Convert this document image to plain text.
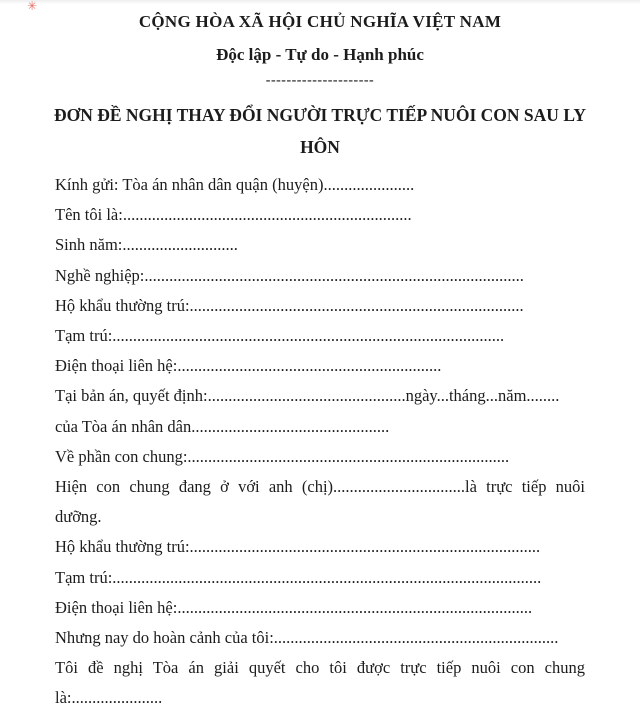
✳
CỘNG HÒA XÃ HỘI CHỦ NGHĨA VIỆT NAM
Độc lập - Tự do - Hạnh phúc
---------------------
ĐƠN ĐỀ NGHỊ THAY ĐỔI NGƯỜI TRỰC TIẾP NUÔI CON SAU LY HÔN
Kính gửi: Tòa án nhân dân quận (huyện)......................
Tên tôi là:......................................................................
Sinh năm:............................
Nghề nghiệp:............................................................................................
Hộ khẩu thường trú:.................................................................................
Tạm trú:...............................................................................................
Điện thoại liên hệ:................................................................
Tại bản án, quyết định:................................................ngày...tháng...năm........
của Tòa án nhân dân................................................
Về phần con chung:..............................................................................
Hiện con chung đang ở với anh (chị)................................là trực tiếp nuôi
dưỡng.
Hộ khẩu thường trú:.....................................................................................
Tạm trú:........................................................................................................
Điện thoại liên hệ:......................................................................................
Nhưng nay do hoàn cảnh của tôi:.....................................................................
Tôi đề nghị Tòa án giải quyết cho tôi được trực tiếp nuôi con chung
là:......................
